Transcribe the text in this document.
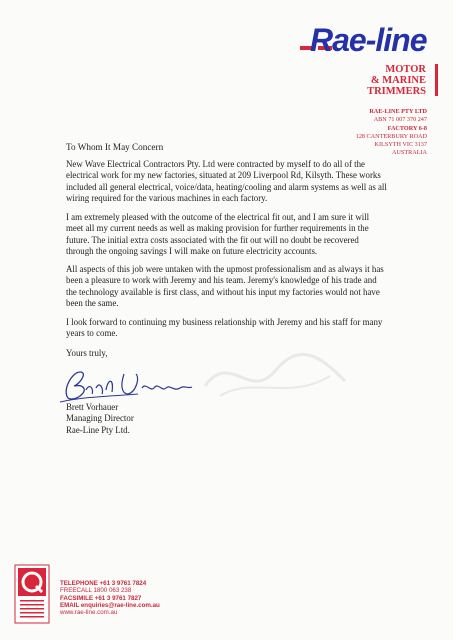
Rae-line
MOTOR
& MARINE
TRIMMERS
RAE-LINE PTY LTD
ABN 71 007 370 247
FACTORY 6-8
128 CANTERBURY ROAD
KILSYTH VIC 3137
AUSTRALIA
To Whom It May Concern

New Wave Electrical Contractors Pty. Ltd were contracted by myself to do all of the electrical work for my new factories, situated at 209 Liverpool Rd, Kilsyth. These works included all general electrical, voice/data, heating/cooling and alarm systems as well as all wiring required for the various machines in each factory.

I am extremely pleased with the outcome of the electrical fit out, and I am sure it will meet all my current needs as well as making provision for further requirements in the future. The initial extra costs associated with the fit out will no doubt be recovered through the ongoing savings I will make on future electricity accounts.

All aspects of this job were untaken with the upmost professionalism and as always it has been a pleasure to work with Jeremy and his team. Jeremy's knowledge of his trade and the technology available is first class, and without his input my factories would not have been the same.

I look forward to continuing my business relationship with Jeremy and his staff for many years to come.

Yours truly,
Brett Vorhauer
Managing Director
Rae-Line Pty Ltd.
TELEPHONE +61 3 9761 7824
FREECALL 1800 063 238
FACSIMILE +61 3 9761 7827
EMAIL enquiries@rae-line.com.au
www.rae-line.com.au
